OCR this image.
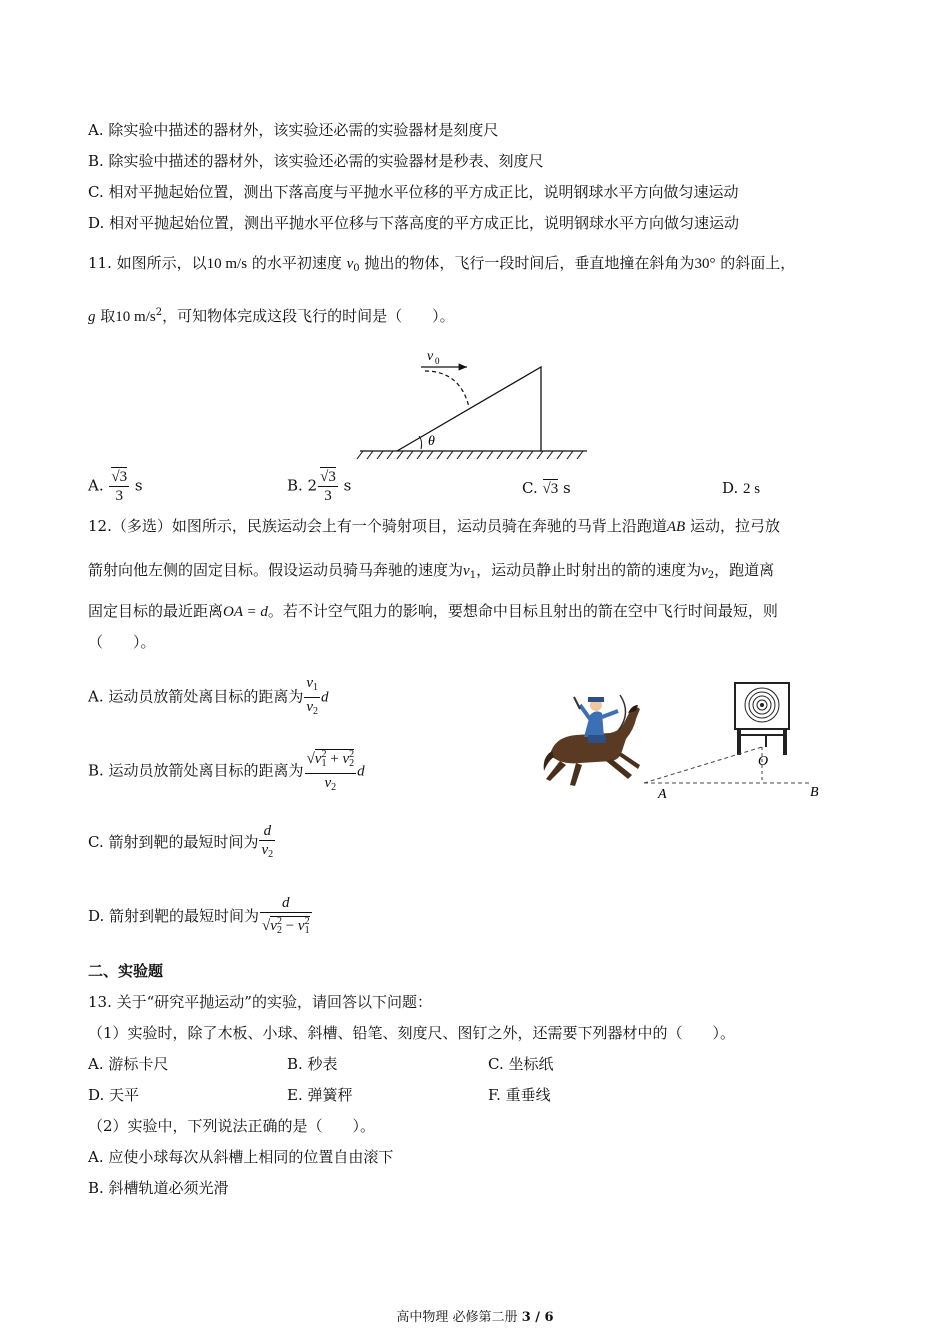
A. 除实验中描述的器材外，该实验还必需的实验器材是刻度尺
B. 除实验中描述的器材外，该实验还必需的实验器材是秒表、刻度尺
C. 相对平抛起始位置，测出下落高度与平抛水平位移的平方成正比，说明钢球水平方向做匀速运动
D. 相对平抛起始位置，测出平抛水平位移与下落高度的平方成正比，说明钢球水平方向做匀速运动
11. 如图所示，以10 m/s 的水平初速度 $v_0$ 抛出的物体，飞行一段时间后，垂直地撞在斜角为30° 的斜面上，
g 取10 $m/s^2$，可知物体完成这段飞行的时间是（　　）。
v 0
θ
A. $\frac{√3}{3}$ s	B. $2 \frac{√3}{3}$ s	C. √3 s	D. 2 s
12.（多选）如图所示，民族运动会上有一个骑射项目，运动员骑在奔驰的马背上沿跑道AB 运动，拉弓放
箭射向他左侧的固定目标。假设运动员骑马奔驰的速度为$v_1$，运动员静止时射出的箭的速度为$v_2$，跑道离
固定目标的最近距离OA = d。若不计空气阻力的影响，要想命中目标且射出的箭在空中飞行时间最短，则
（　　）。
A. 运动员放箭处离目标的距离为 $\frac{v_1}{v_2}$ d
B. 运动员放箭处离目标的距离为 $\frac{√v^2_1 + v^2_2}{v_2}$ d
C. 箭射到靶的最短时间为 $\frac{d}{v_2}$
D. 箭射到靶的最短时间为 $\frac{d}{√v^2_2 - v^2_1}$
O
A	B
二、实验题
13. 关于“研究平抛运动”的实验，请回答以下问题：
（1）实验时，除了木板、小球、斜槽、铅笔、刻度尺、图钉之外，还需要下列器材中的（　　）。
A. 游标卡尺	B. 秒表	C. 坐标纸
D. 天平	E. 弹簧秤	F. 重垂线
（2）实验中，下列说法正确的是（　　）。
A. 应使小球每次从斜槽上相同的位置自由滚下
B. 斜槽轨道必须光滑
高中物理 必修第二册 3 / 6
